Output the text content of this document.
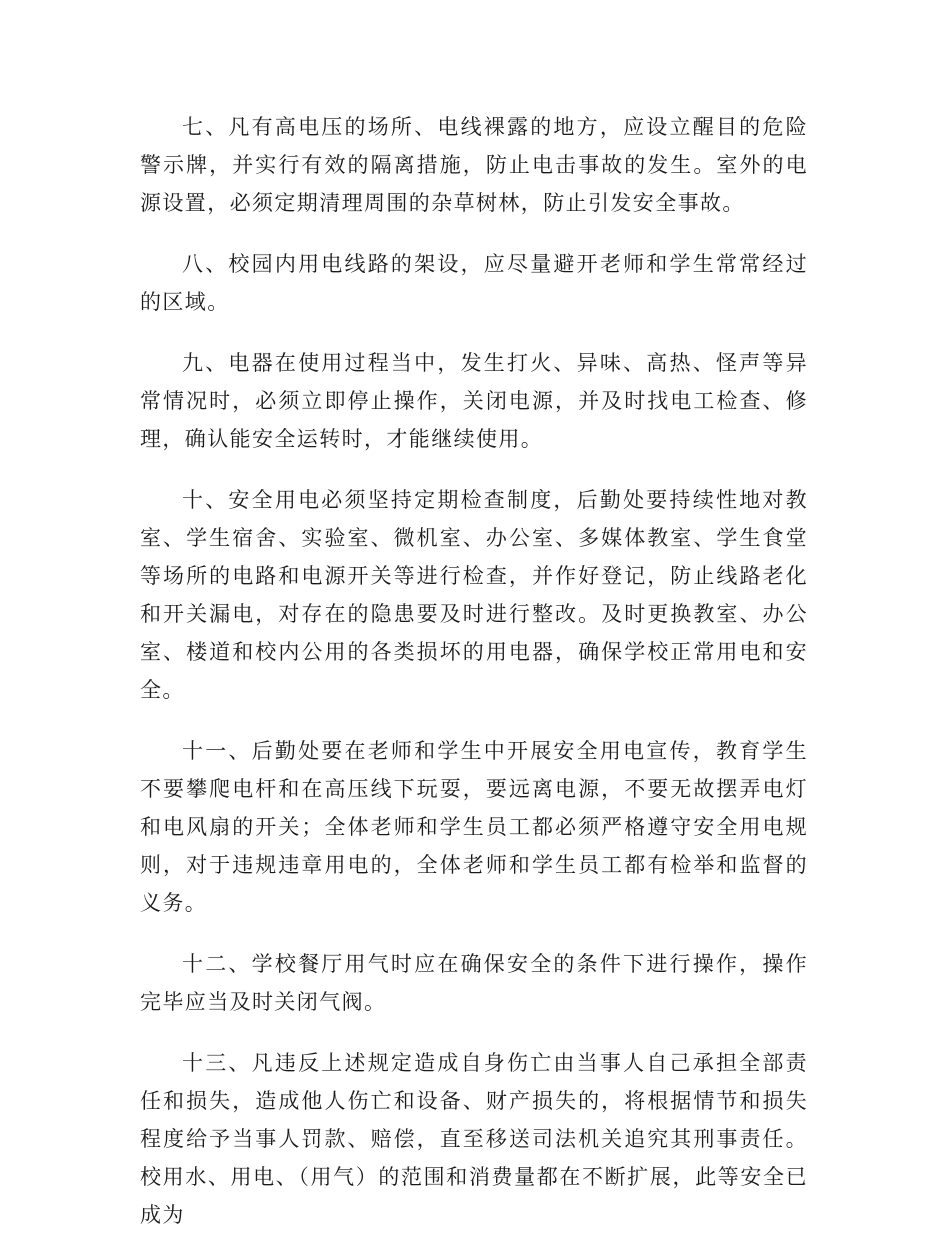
七、凡有高电压的场所、电线裸露的地方，应设立醒目的危险警示牌，并实行有效的隔离措施，防止电击事故的发生。室外的电源设置，必须定期清理周围的杂草树林，防止引发安全事故。

八、校园内用电线路的架设，应尽量避开老师和学生常常经过的区域。

九、电器在使用过程当中，发生打火、异味、高热、怪声等异常情况时，必须立即停止操作，关闭电源，并及时找电工检查、修理，确认能安全运转时，才能继续使用。

十、安全用电必须坚持定期检查制度，后勤处要持续性地对教室、学生宿舍、实验室、微机室、办公室、多媒体教室、学生食堂等场所的电路和电源开关等进行检查，并作好登记，防止线路老化和开关漏电，对存在的隐患要及时进行整改。及时更换教室、办公室、楼道和校内公用的各类损坏的用电器，确保学校正常用电和安全。

十一、后勤处要在老师和学生中开展安全用电宣传，教育学生不要攀爬电杆和在高压线下玩耍，要远离电源，不要无故摆弄电灯和电风扇的开关；全体老师和学生员工都必须严格遵守安全用电规则，对于违规违章用电的，全体老师和学生员工都有检举和监督的义务。

十二、学校餐厅用气时应在确保安全的条件下进行操作，操作完毕应当及时关闭气阀。

十三、凡违反上述规定造成自身伤亡由当事人自己承担全部责任和损失，造成他人伤亡和设备、财产损失的，将根据情节和损失程度给予当事人罚款、赔偿，直至移送司法机关追究其刑事责任。校用水、用电、（用气）的范围和消费量都在不断扩展，此等安全已成为
